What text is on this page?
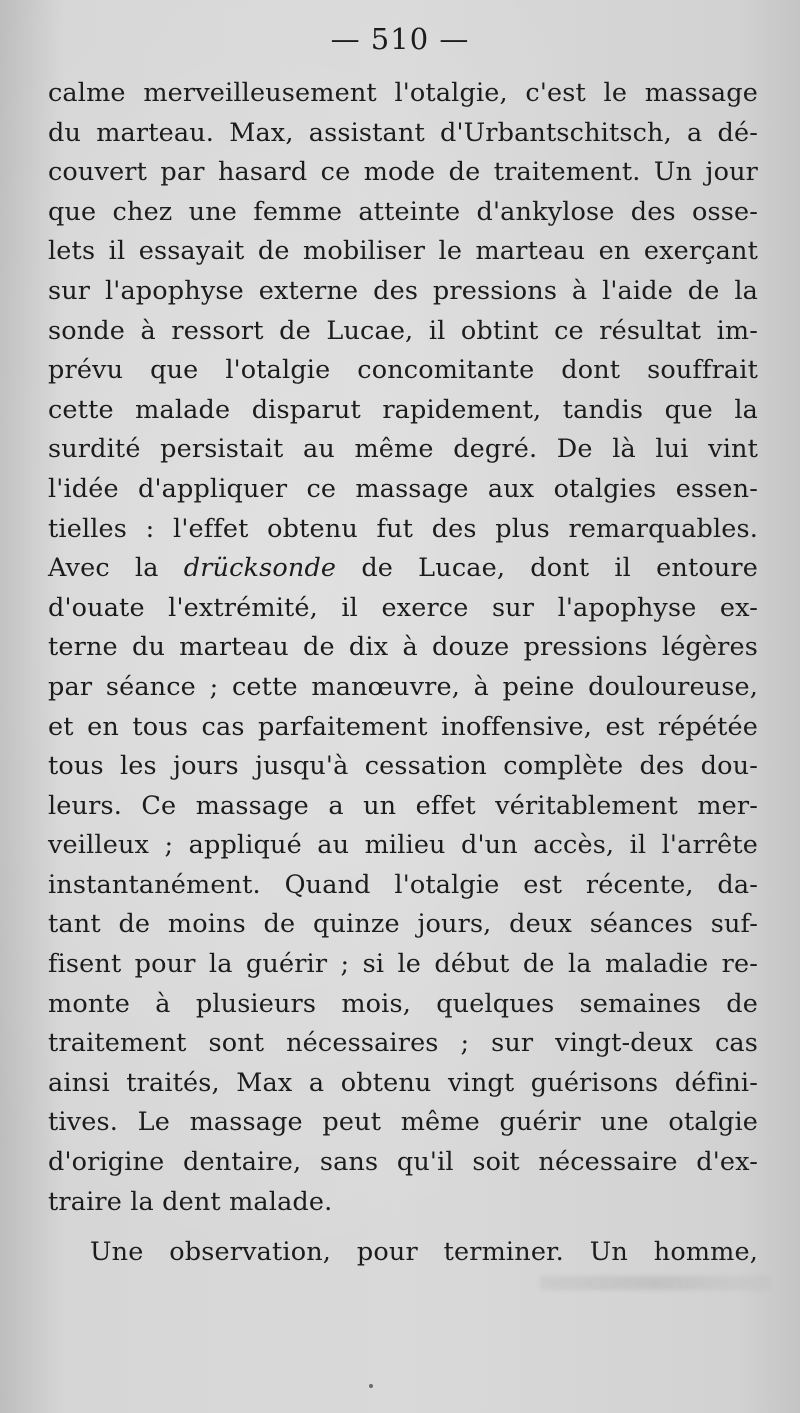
— 510 —
calme merveilleusement l'otalgie, c'est le massage
du marteau. Max, assistant d'Urbantschitsch, a dé-
couvert par hasard ce mode de traitement. Un jour
que chez une femme atteinte d'ankylose des osse-
lets il essayait de mobiliser le marteau en exerçant
sur l'apophyse externe des pressions à l'aide de la
sonde à ressort de Lucae, il obtint ce résultat im-
prévu que l'otalgie concomitante dont souffrait
cette malade disparut rapidement, tandis que la
surdité persistait au même degré. De là lui vint
l'idée d'appliquer ce massage aux otalgies essen-
tielles : l'effet obtenu fut des plus remarquables.
Avec la drücksonde de Lucae, dont il entoure
d'ouate l'extrémité, il exerce sur l'apophyse ex-
terne du marteau de dix à douze pressions légères
par séance ; cette manœuvre, à peine douloureuse,
et en tous cas parfaitement inoffensive, est répétée
tous les jours jusqu'à cessation complète des dou-
leurs. Ce massage a un effet véritablement mer-
veilleux ; appliqué au milieu d'un accès, il l'arrête
instantanément. Quand l'otalgie est récente, da-
tant de moins de quinze jours, deux séances suf-
fisent pour la guérir ; si le début de la maladie re-
monte à plusieurs mois, quelques semaines de
traitement sont nécessaires ; sur vingt-deux cas
ainsi traités, Max a obtenu vingt guérisons défini-
tives. Le massage peut même guérir une otalgie
d'origine dentaire, sans qu'il soit nécessaire d'ex-
traire la dent malade.
Une observation, pour terminer. Un homme,
